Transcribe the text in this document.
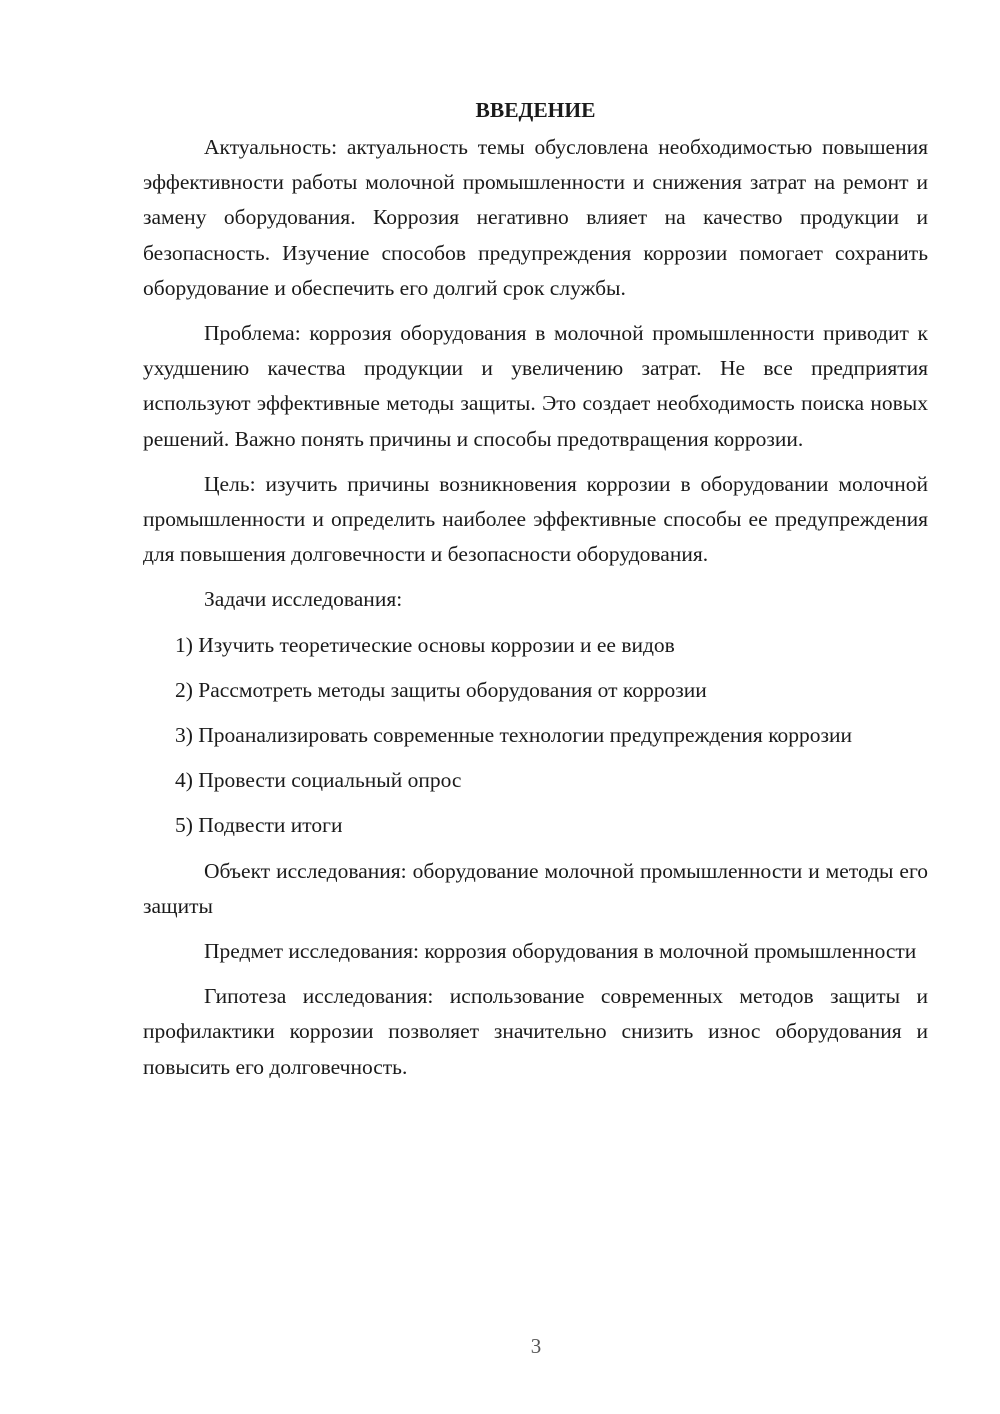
ВВЕДЕНИЕ

Актуальность: актуальность темы обусловлена необходимостью повышения эффективности работы молочной промышленности и снижения затрат на ремонт и замену оборудования. Коррозия негативно влияет на качество продукции и безопасность. Изучение способов предупреждения коррозии помогает сохранить оборудование и обеспечить его долгий срок службы.

Проблема: коррозия оборудования в молочной промышленности приводит к ухудшению качества продукции и увеличению затрат. Не все предприятия используют эффективные методы защиты. Это создает необходимость поиска новых решений. Важно понять причины и способы предотвращения коррозии.

Цель: изучить причины возникновения коррозии в оборудовании молочной промышленности и определить наиболее эффективные способы ее предупреждения для повышения долговечности и безопасности оборудования.

Задачи исследования:

1) Изучить теоретические основы коррозии и ее видов

2) Рассмотреть методы защиты оборудования от коррозии

3) Проанализировать современные технологии предупреждения коррозии

4) Провести социальный опрос

5) Подвести итоги

Объект исследования: оборудование молочной промышленности и методы его защиты

Предмет исследования: коррозия оборудования в молочной промышленности

Гипотеза исследования: использование современных методов защиты и профилактики коррозии позволяет значительно снизить износ оборудования и повысить его долговечность.

3
